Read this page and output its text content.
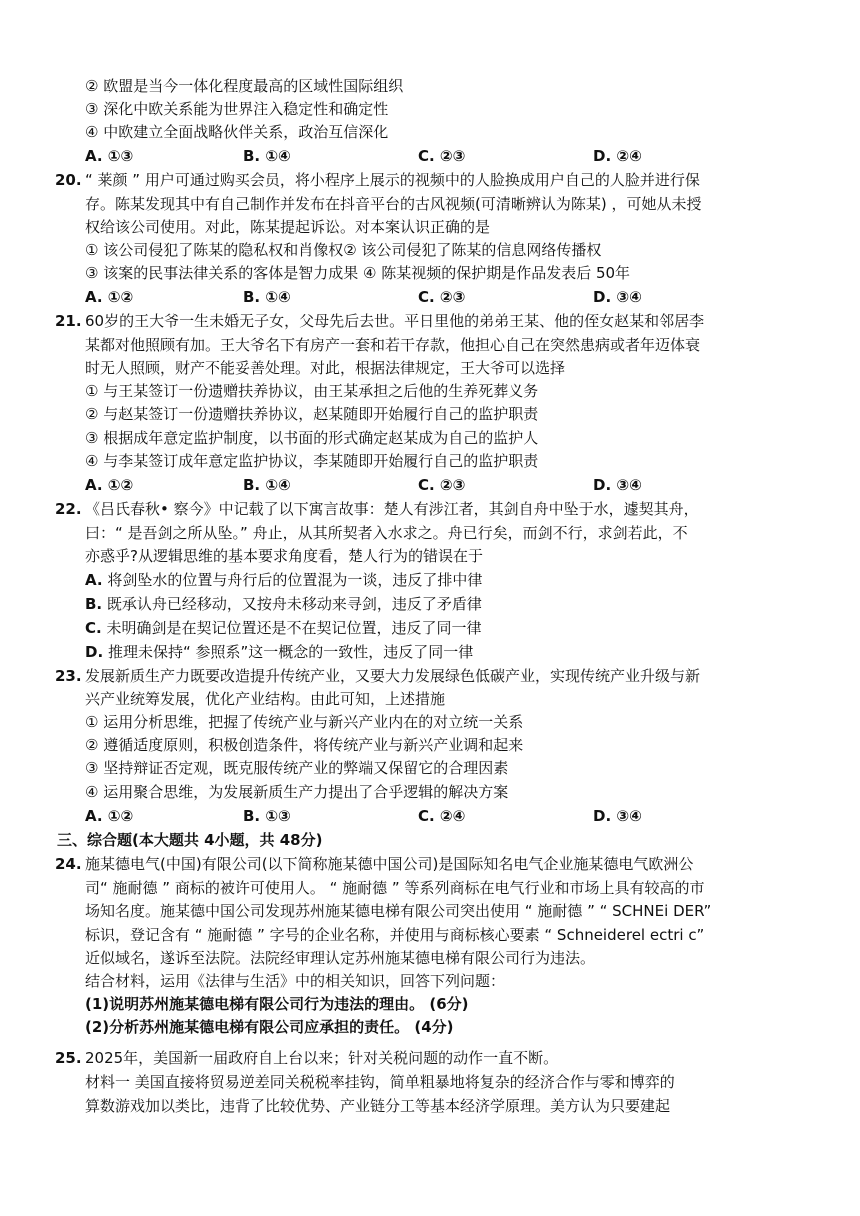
② 欧盟是当今一体化程度最高的区域性国际组织
③ 深化中欧关系能为世界注入稳定性和确定性
④ 中欧建立全面战略伙伴关系，政治互信深化
A. ①③	B. ①④	C. ②③	D. ②④
20. “ 莱颜 ” 用户可通过购买会员，将小程序上展示的视频中的人脸换成用户自己的人脸并进行保
存。陈某发现其中有自己制作并发布在抖音平台的古风视频(可清晰辨认为陈某) ，可她从未授
权给该公司使用。对此，陈某提起诉讼。对本案认识正确的是
① 该公司侵犯了陈某的隐私权和肖像权② 该公司侵犯了陈某的信息网络传播权
③ 该案的民事法律关系的客体是智力成果 ④ 陈某视频的保护期是作品发表后 50年
A. ①②	B. ①④	C. ②③	D. ③④
21. 60岁的王大爷一生未婚无子女，父母先后去世。平日里他的弟弟王某、他的侄女赵某和邻居李
某都对他照顾有加。王大爷名下有房产一套和若干存款，他担心自己在突然患病或者年迈体衰
时无人照顾，财产不能妥善处理。对此，根据法律规定，王大爷可以选择
① 与王某签订一份遗赠扶养协议，由王某承担之后他的生养死葬义务
② 与赵某签订一份遗赠扶养协议，赵某随即开始履行自己的监护职责
③ 根据成年意定监护制度，以书面的形式确定赵某成为自己的监护人
④ 与李某签订成年意定监护协议，李某随即开始履行自己的监护职责
A. ①②	B. ①④	C. ②③	D. ③④
22. 《吕氏春秋• 察今》中记载了以下寓言故事：楚人有涉江者，其剑自舟中坠于水，遽契其舟，
曰：“ 是吾剑之所从坠。” 舟止，从其所契者入水求之。舟已行矣，而剑不行，求剑若此，不
亦惑乎?从逻辑思维的基本要求角度看，楚人行为的错误在于
A. 将剑坠水的位置与舟行后的位置混为一谈，违反了排中律
B. 既承认舟已经移动，又按舟未移动来寻剑，违反了矛盾律
C. 未明确剑是在契记位置还是不在契记位置，违反了同一律
D. 推理未保持“ 参照系”这一概念的一致性，违反了同一律
23. 发展新质生产力既要改造提升传统产业，又要大力发展绿色低碳产业，实现传统产业升级与新
兴产业统筹发展，优化产业结构。由此可知，上述措施
① 运用分析思维，把握了传统产业与新兴产业内在的对立统一关系
② 遵循适度原则，积极创造条件，将传统产业与新兴产业调和起来
③ 坚持辩证否定观，既克服传统产业的弊端又保留它的合理因素
④ 运用聚合思维，为发展新质生产力提出了合乎逻辑的解决方案
A. ①②	B. ①③	C. ②④	D. ③④
三、综合题(本大题共 4小题，共 48分)
24. 施某德电气(中国)有限公司(以下简称施某德中国公司)是国际知名电气企业施某德电气欧洲公
司“ 施耐德 ” 商标的被许可使用人。 “ 施耐德 ” 等系列商标在电气行业和市场上具有较高的市
场知名度。施某德中国公司发现苏州施某德电梯有限公司突出使用 “ 施耐德 ” “ SCHNEi DER”
标识，登记含有 “ 施耐德 ” 字号的企业名称，并使用与商标核心要素 “ Schneiderel ectri c”
近似域名，遂诉至法院。法院经审理认定苏州施某德电梯有限公司行为违法。
结合材料，运用《法律与生活》中的相关知识，回答下列问题：
(1)说明苏州施某德电梯有限公司行为违法的理由。 (6分)
(2)分析苏州施某德电梯有限公司应承担的责任。 (4分)
25. 2025年，美国新一届政府自上台以来；针对关税问题的动作一直不断。
材料一 美国直接将贸易逆差同关税税率挂钩，简单粗暴地将复杂的经济合作与零和博弈的
算数游戏加以类比，违背了比较优势、产业链分工等基本经济学原理。美方认为只要建起
